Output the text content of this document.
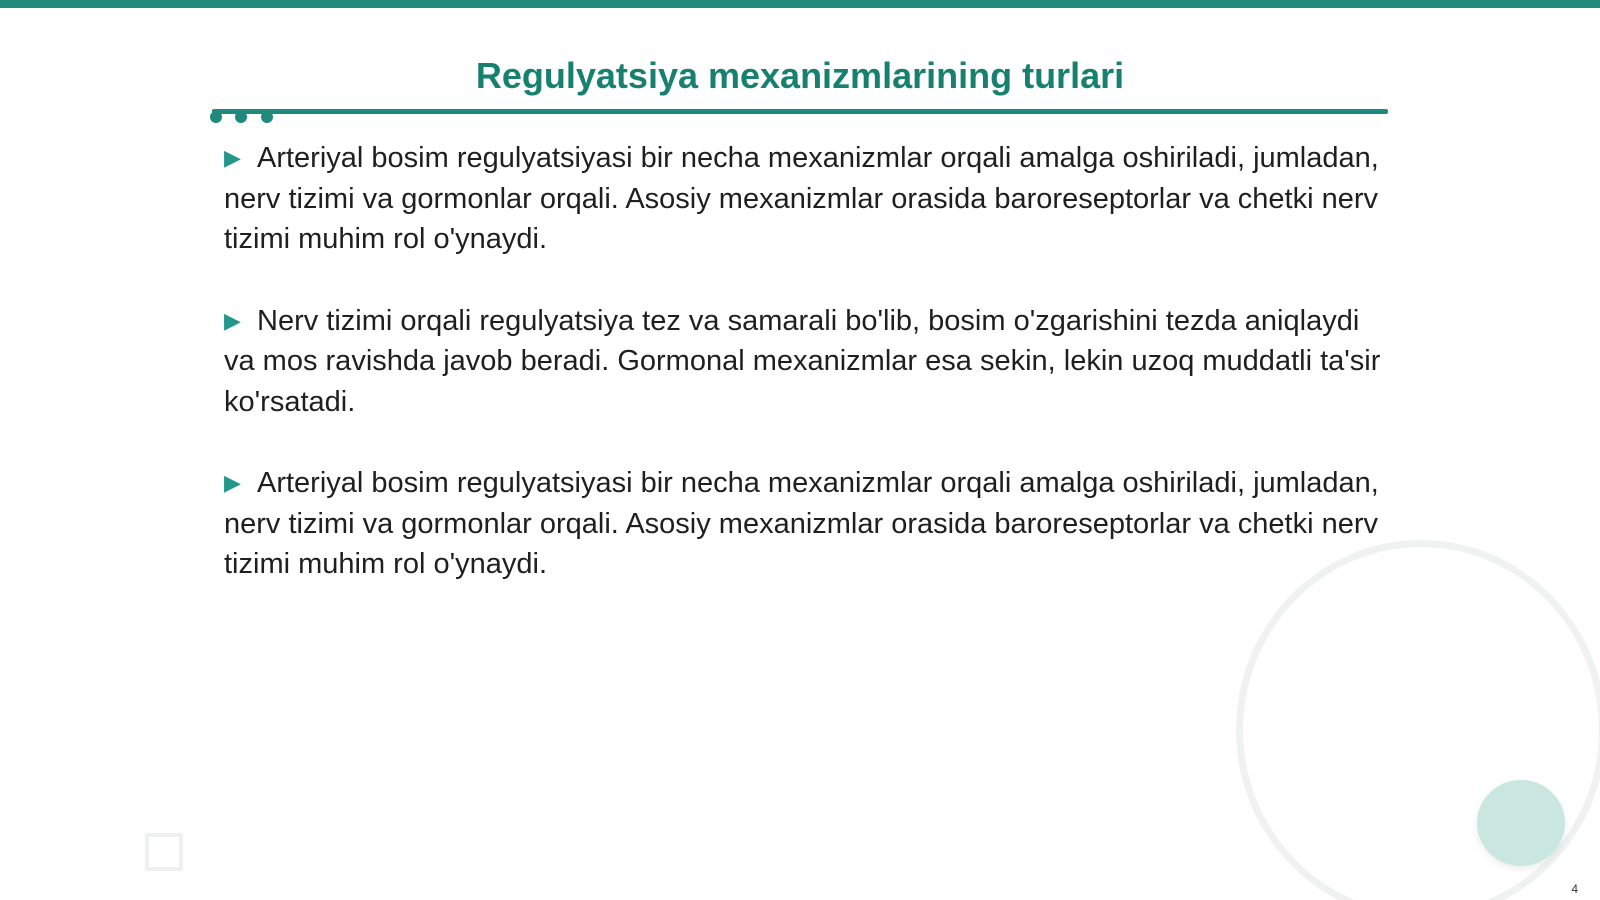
Regulyatsiya mexanizmlarining turlari

▶ Arteriyal bosim regulyatsiyasi bir necha mexanizmlar orqali amalga oshiriladi, jumladan, nerv tizimi va gormonlar orqali. Asosiy mexanizmlar orasida baroreseptorlar va chetki nerv tizimi muhim rol o'ynaydi.

▶ Nerv tizimi orqali regulyatsiya tez va samarali bo'lib, bosim o'zgarishini tezda aniqlaydi va mos ravishda javob beradi. Gormonal mexanizmlar esa sekin, lekin uzoq muddatli ta'sir ko'rsatadi.

▶ Arteriyal bosim regulyatsiyasi bir necha mexanizmlar orqali amalga oshiriladi, jumladan, nerv tizimi va gormonlar orqali. Asosiy mexanizmlar orasida baroreseptorlar va chetki nerv tizimi muhim rol o'ynaydi.

4
